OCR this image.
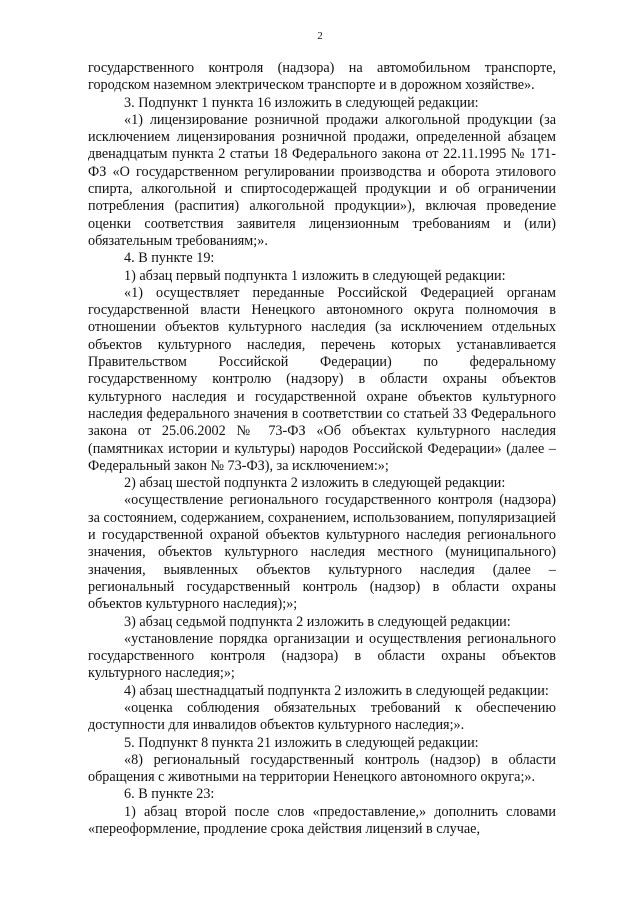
2

государственного контроля (надзора) на автомобильном транспорте, городском наземном электрическом транспорте и в дорожном хозяйстве».

3. Подпункт 1 пункта 16 изложить в следующей редакции:

«1) лицензирование розничной продажи алкогольной продукции (за исключением лицензирования розничной продажи, определенной абзацем двенадцатым пункта 2 статьи 18 Федерального закона от 22.11.1995 № 171-ФЗ «О государственном регулировании производства и оборота этилового спирта, алкогольной и спиртосодержащей продукции и об ограничении потребления (распития) алкогольной продукции»), включая проведение оценки соответствия заявителя лицензионным требованиям и (или) обязательным требованиям;».

4. В пункте 19:

1) абзац первый подпункта 1 изложить в следующей редакции:

«1) осуществляет переданные Российской Федерацией органам государственной власти Ненецкого автономного округа полномочия в отношении объектов культурного наследия (за исключением отдельных объектов культурного наследия, перечень которых устанавливается Правительством Российской Федерации) по федеральному государственному контролю (надзору) в области охраны объектов культурного наследия и государственной охране объектов культурного наследия федерального значения в соответствии со статьей 33 Федерального закона от 25.06.2002 № 73-ФЗ «Об объектах культурного наследия (памятниках истории и культуры) народов Российской Федерации» (далее – Федеральный закон № 73-ФЗ), за исключением:»;

2) абзац шестой подпункта 2 изложить в следующей редакции:

«осуществление регионального государственного контроля (надзора) за состоянием, содержанием, сохранением, использованием, популяризацией и государственной охраной объектов культурного наследия регионального значения, объектов культурного наследия местного (муниципального) значения, выявленных объектов культурного наследия (далее – региональный государственный контроль (надзор) в области охраны объектов культурного наследия);»;

3) абзац седьмой подпункта 2 изложить в следующей редакции:

«установление порядка организации и осуществления регионального государственного контроля (надзора) в области охраны объектов культурного наследия;»;

4) абзац шестнадцатый подпункта 2 изложить в следующей редакции:

«оценка соблюдения обязательных требований к обеспечению доступности для инвалидов объектов культурного наследия;».

5. Подпункт 8 пункта 21 изложить в следующей редакции:

«8) региональный государственный контроль (надзор) в области обращения с животными на территории Ненецкого автономного округа;».

6. В пункте 23:

1) абзац второй после слов «предоставление,» дополнить словами «переоформление, продление срока действия лицензий в случае,
